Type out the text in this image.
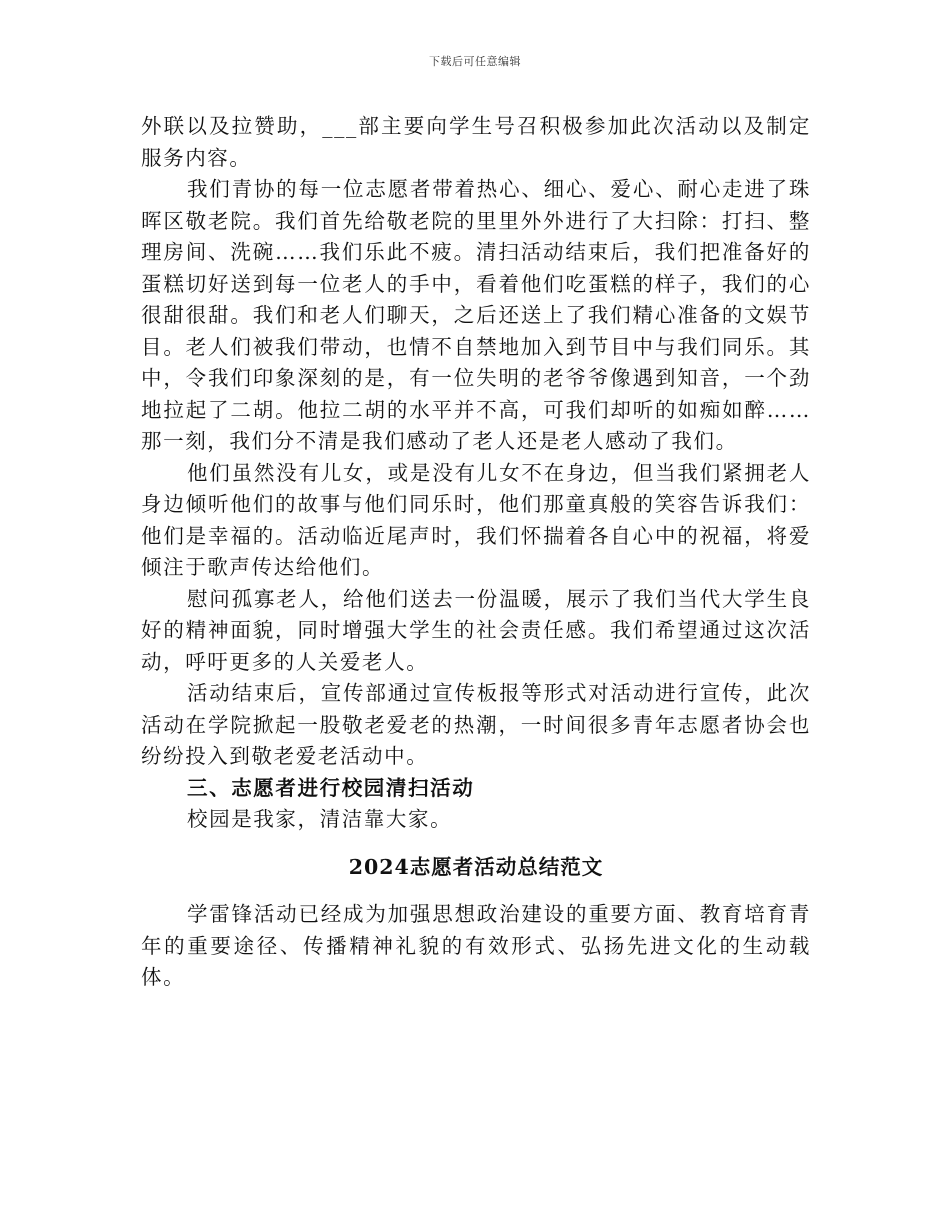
下载后可任意编辑

外联以及拉赞助，___部主要向学生号召积极参加此次活动以及制定服务内容。

我们青协的每一位志愿者带着热心、细心、爱心、耐心走进了珠晖区敬老院。我们首先给敬老院的里里外外进行了大扫除：打扫、整理房间、洗碗……我们乐此不疲。清扫活动结束后，我们把准备好的蛋糕切好送到每一位老人的手中，看着他们吃蛋糕的样子，我们的心很甜很甜。我们和老人们聊天，之后还送上了我们精心准备的文娱节目。老人们被我们带动，也情不自禁地加入到节目中与我们同乐。其中，令我们印象深刻的是，有一位失明的老爷爷像遇到知音，一个劲地拉起了二胡。他拉二胡的水平并不高，可我们却听的如痴如醉……那一刻，我们分不清是我们感动了老人还是老人感动了我们。

他们虽然没有儿女，或是没有儿女不在身边，但当我们紧拥老人身边倾听他们的故事与他们同乐时，他们那童真般的笑容告诉我们：他们是幸福的。活动临近尾声时，我们怀揣着各自心中的祝福，将爱倾注于歌声传达给他们。

慰问孤寡老人，给他们送去一份温暖，展示了我们当代大学生良好的精神面貌，同时增强大学生的社会责任感。我们希望通过这次活动，呼吁更多的人关爱老人。

活动结束后，宣传部通过宣传板报等形式对活动进行宣传，此次活动在学院掀起一股敬老爱老的热潮，一时间很多青年志愿者协会也纷纷投入到敬老爱老活动中。

三、志愿者进行校园清扫活动

校园是我家，清洁靠大家。

2024志愿者活动总结范文

学雷锋活动已经成为加强思想政治建设的重要方面、教育培育青年的重要途径、传播精神礼貌的有效形式、弘扬先进文化的生动载体。
